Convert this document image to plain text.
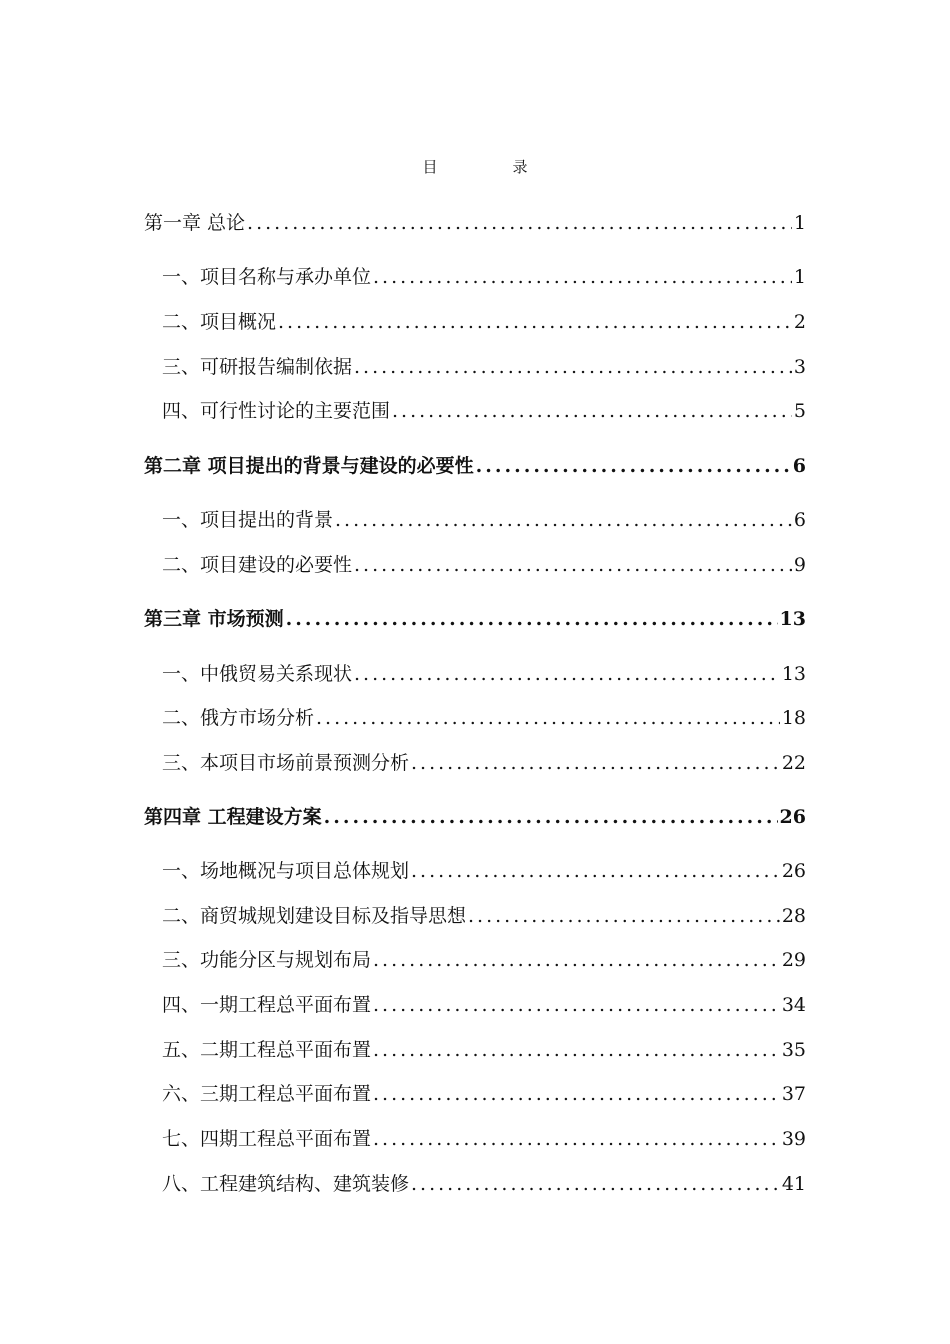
目　录
第一章 总论 .....	1
一、项目名称与承办单位 .....	1
二、项目概况 .....	2
三、可研报告编制依据 .....	3
四、可行性讨论的主要范围 .....	5
第二章 项目提出的背景与建设的必要性 .....	6
一、项目提出的背景 .....	6
二、项目建设的必要性 .....	9
第三章 市场预测 .....	13
一、中俄贸易关系现状 .....	13
二、俄方市场分析 .....	18
三、本项目市场前景预测分析 .....	22
第四章 工程建设方案 .....	26
一、场地概况与项目总体规划 .....	26
二、商贸城规划建设目标及指导思想 .....	28
三、功能分区与规划布局 .....	29
四、一期工程总平面布置 .....	34
五、二期工程总平面布置 .....	35
六、三期工程总平面布置 .....	37
七、四期工程总平面布置 .....	39
八、工程建筑结构、建筑装修 .....	41
